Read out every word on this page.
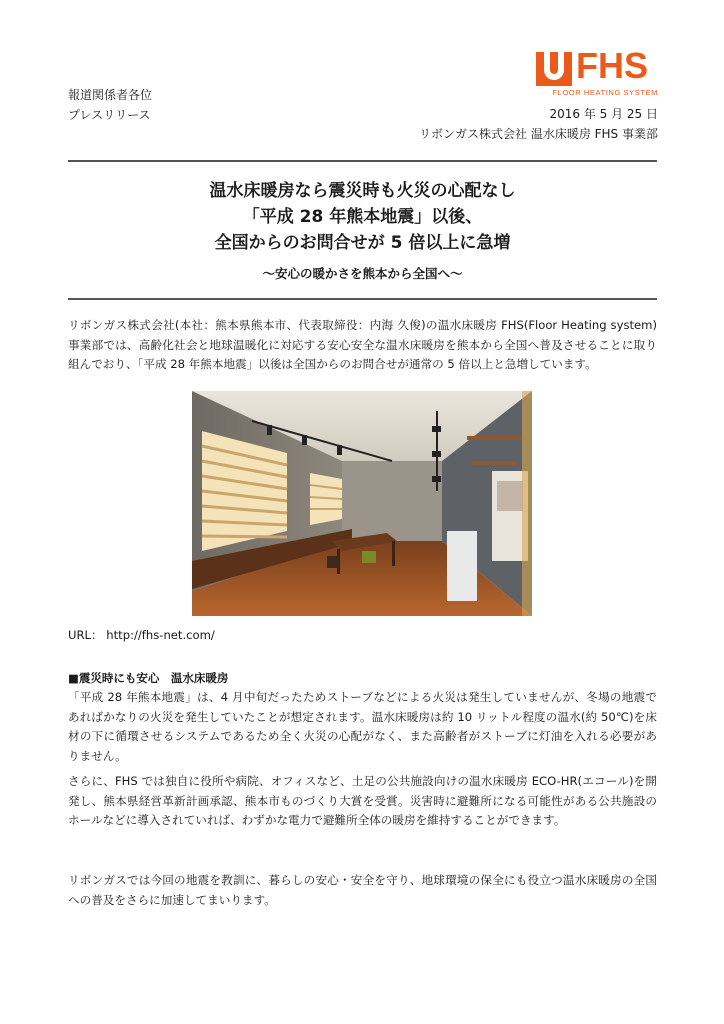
FHS
FLOOR HEATING SYSTEM
報道関係者各位
プレスリリース	2016 年 5 月 25 日
リボンガス株式会社 温水床暖房 FHS 事業部
温水床暖房なら震災時も火災の心配なし
「平成 28 年熊本地震」以後、
全国からのお問合せが 5 倍以上に急増
～安心の暖かさを熊本から全国へ～
リボンガス株式会社(本社：熊本県熊本市、代表取締役：内海 久俊)の温水床暖房 FHS(Floor Heating system)事業部では、高齢化社会と地球温暖化に対応する安心安全な温水床暖房を熊本から全国へ普及させることに取り組んでおり、「平成 28 年熊本地震」以後は全国からのお問合せが通常の 5 倍以上と急増しています。
URL： http://fhs-net.com/
■震災時にも安心　温水床暖房
「平成 28 年熊本地震」は、4 月中旬だったためストーブなどによる火災は発生していませんが、冬場の地震であればかなりの火災を発生していたことが想定されます。温水床暖房は約 10 リットル程度の温水(約 50℃)を床材の下に循環させるシステムであるため全く火災の心配がなく、また高齢者がストーブに灯油を入れる必要がありません。
さらに、FHS では独自に役所や病院、オフィスなど、土足の公共施設向けの温水床暖房 ECO-HR(エコール)を開発し、熊本県経営革新計画承認、熊本市ものづくり大賞を受賞。災害時に避難所になる可能性がある公共施設のホールなどに導入されていれば、わずかな電力で避難所全体の暖房を維持することができます。
リボンガスでは今回の地震を教訓に、暮らしの安心・安全を守り、地球環境の保全にも役立つ温水床暖房の全国への普及をさらに加速してまいります。
